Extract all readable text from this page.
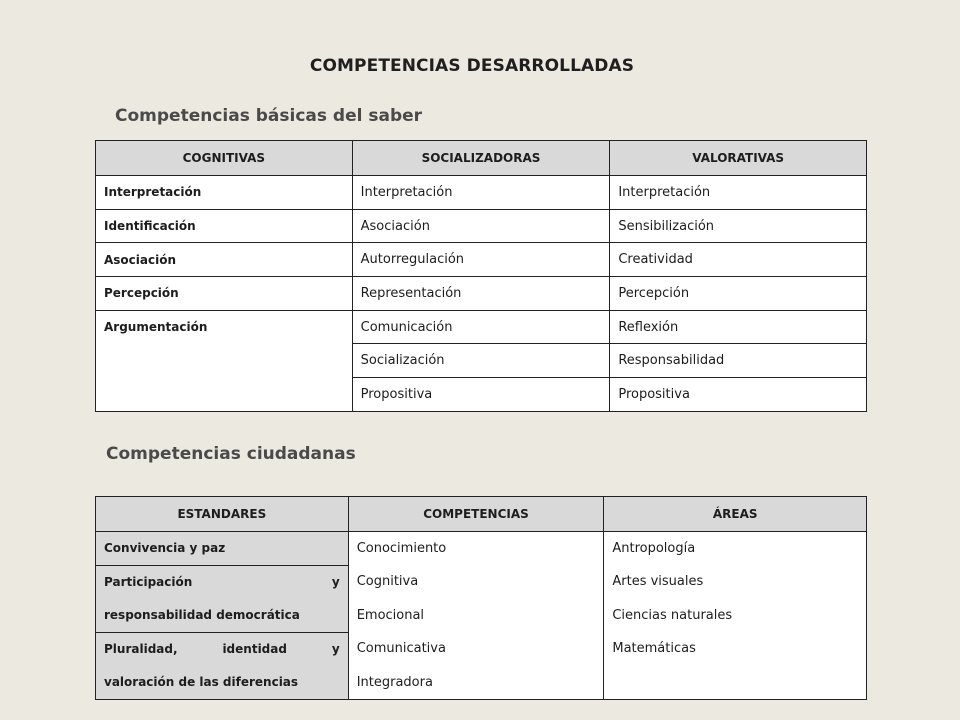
COMPETENCIAS DESARROLLADAS
Competencias básicas del saber
COGNITIVAS	SOCIALIZADORAS	VALORATIVAS
Interpretación	Interpretación	Interpretación
Identificación	Asociación	Sensibilización
Asociación	Autorregulación	Creatividad
Percepción	Representación	Percepción
Argumentación	Comunicación	Reflexión
	Socialización	Responsabilidad
	Propositiva	Propositiva
Competencias ciudadanas
ESTANDARES	COMPETENCIAS	ÁREAS
Convivencia y paz	Conocimiento	Antropología
Participación y	Cognitiva	Artes visuales
responsabilidad democrática	Emocional	Ciencias naturales
Pluralidad, identidad y	Comunicativa	Matemáticas
valoración de las diferencias	Integradora	
